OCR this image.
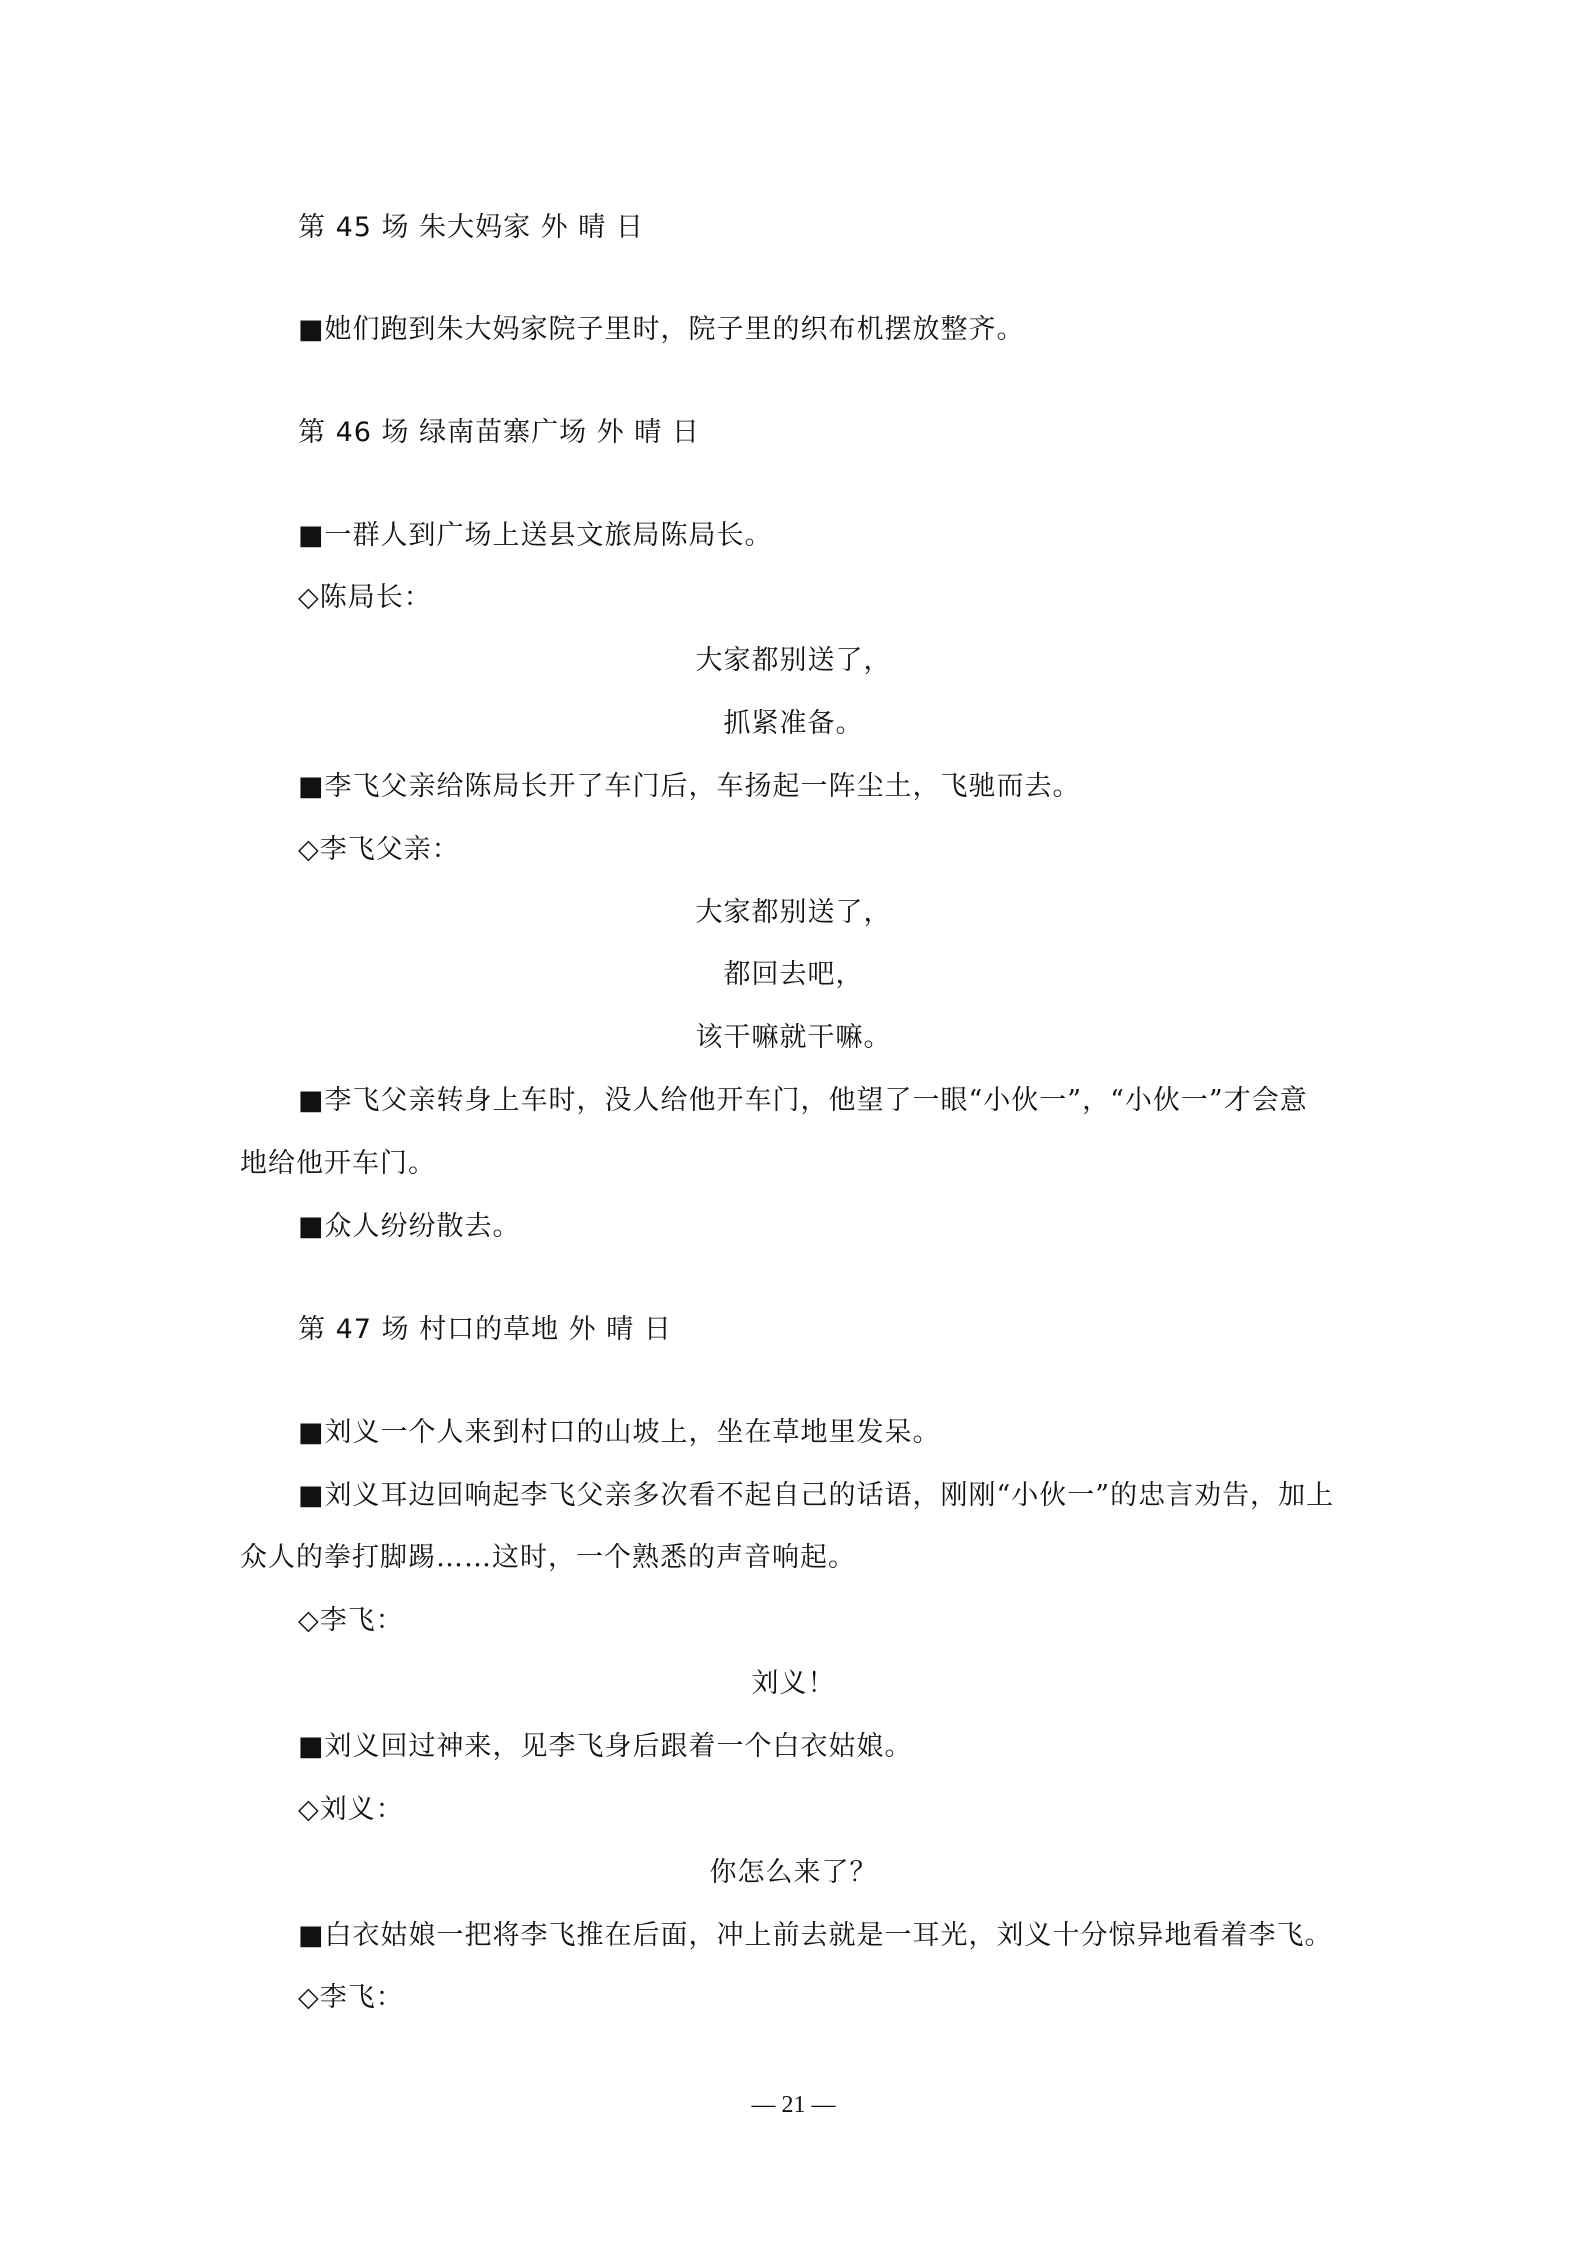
第 45 场 朱大妈家 外 晴 日
■她们跑到朱大妈家院子里时，院子里的织布机摆放整齐。
第 46 场 绿南苗寨广场 外 晴 日
■一群人到广场上送县文旅局陈局长。
◇陈局长：
大家都别送了，
抓紧准备。
■李飞父亲给陈局长开了车门后，车扬起一阵尘土，飞驰而去。
◇李飞父亲：
大家都别送了，
都回去吧，
该干嘛就干嘛。
■李飞父亲转身上车时，没人给他开车门，他望了一眼“小伙一”，“小伙一”才会意
地给他开车门。
■众人纷纷散去。
第 47 场 村口的草地 外 晴 日
■刘义一个人来到村口的山坡上，坐在草地里发呆。
■刘义耳边回响起李飞父亲多次看不起自己的话语，刚刚“小伙一”的忠言劝告，加上
众人的拳打脚踢……这时，一个熟悉的声音响起。
◇李飞：
刘义！
■刘义回过神来，见李飞身后跟着一个白衣姑娘。
◇刘义：
你怎么来了？
■白衣姑娘一把将李飞推在后面，冲上前去就是一耳光，刘义十分惊异地看着李飞。
◇李飞：
— 21 —
